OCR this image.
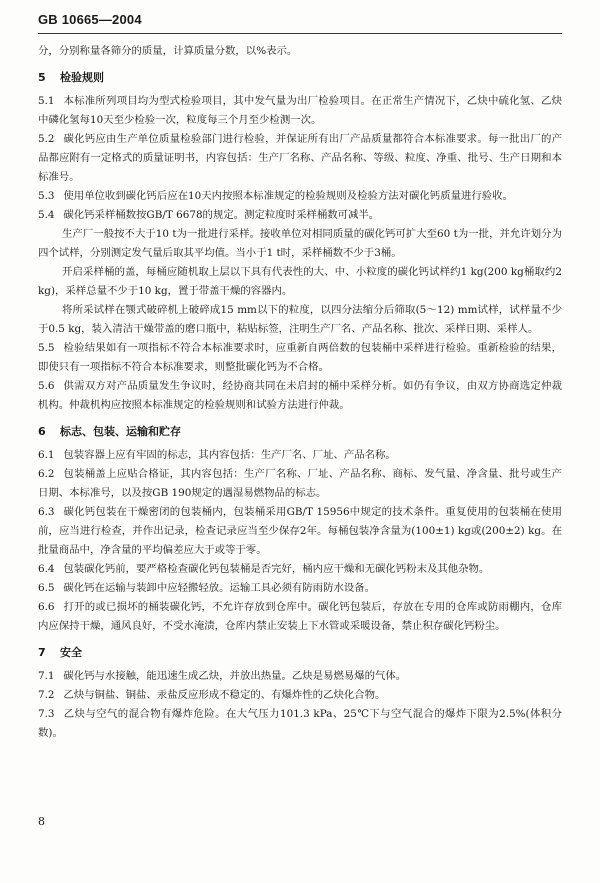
GB 10665—2004

分，分别称量各筛分的质量，计算质量分数，以%表示。

5 检验规则

5.1 本标准所列项目均为型式检验项目，其中发气量为出厂检验项目。在正常生产情况下，乙炔中硫化氢、乙炔中磷化氢每10天至少检验一次，粒度每三个月至少检测一次。

5.2 碳化钙应由生产单位质量检验部门进行检验，并保证所有出厂产品质量都符合本标准要求。每一批出厂的产品都应附有一定格式的质量证明书，内容包括：生产厂名称、产品名称、等级、粒度、净重、批号、生产日期和本标准号。

5.3 使用单位收到碳化钙后应在10天内按照本标准规定的检验规则及检验方法对碳化钙质量进行验收。

5.4 碳化钙采样桶数按GB/T 6678的规定。测定粒度时采样桶数可减半。

生产厂一般按不大于10 t为一批进行采样。接收单位对相同质量的碳化钙可扩大至60 t为一批，并允许划分为四个试样，分别测定发气量后取其平均值。当小于1 t时，采样桶数不少于3桶。

开启采样桶的盖，每桶应随机取上层以下具有代表性的大、中、小粒度的碳化钙试样约1 kg(200 kg桶取约2 kg)，采样总量不少于10 kg，置于带盖干燥的容器内。

将所采试样在颚式破碎机上破碎成15 mm以下的粒度，以四分法缩分后筛取(5～12) mm试样，试样量不少于0.5 kg，装入清洁干燥带盖的磨口瓶中，粘贴标签，注明生产厂名、产品名称、批次、采样日期、采样人。

5.5 检验结果如有一项指标不符合本标准要求时，应重新自两倍数的包装桶中采样进行检验。重新检验的结果，即使只有一项指标不符合本标准要求，则整批碳化钙为不合格。

5.6 供需双方对产品质量发生争议时，经协商共同在未启封的桶中采样分析。如仍有争议，由双方协商选定仲裁机构。仲裁机构应按照本标准规定的检验规则和试验方法进行仲裁。

6 标志、包装、运输和贮存

6.1 包装容器上应有牢固的标志，其内容包括：生产厂名、厂址、产品名称。

6.2 包装桶盖上应贴合格证，其内容包括：生产厂名称、厂址、产品名称、商标、发气量、净含量、批号或生产日期、本标准号，以及按GB 190规定的遇湿易燃物品的标志。

6.3 碳化钙包装在干燥密闭的包装桶内，包装桶采用GB/T 15956中规定的技术条件。重复使用的包装桶在使用前，应当进行检查，并作出记录，检查记录应当至少保存2年。每桶包装净含量为(100±1) kg或(200±2) kg。在批量商品中，净含量的平均偏差应大于或等于零。

6.4 包装碳化钙前，要严格检查碳化钙包装桶是否完好，桶内应干燥和无碳化钙粉末及其他杂物。

6.5 碳化钙在运输与装卸中应轻搬轻放。运输工具必须有防雨防水设备。

6.6 打开的或已损坏的桶装碳化钙，不允许存放到仓库中。碳化钙包装后，存放在专用的仓库或防雨棚内，仓库内应保持干燥，通风良好，不受水淹渍，仓库内禁止安装上下水管或采暖设备，禁止积存碳化钙粉尘。

7 安全

7.1 碳化钙与水接触，能迅速生成乙炔，并放出热量。乙炔是易燃易爆的气体。

7.2 乙炔与铜盐、铜盐、汞盐反应形成不稳定的、有爆炸性的乙炔化合物。

7.3 乙炔与空气的混合物有爆炸危险。在大气压力101.3 kPa、25℃下与空气混合的爆炸下限为2.5%(体积分数)。

8
